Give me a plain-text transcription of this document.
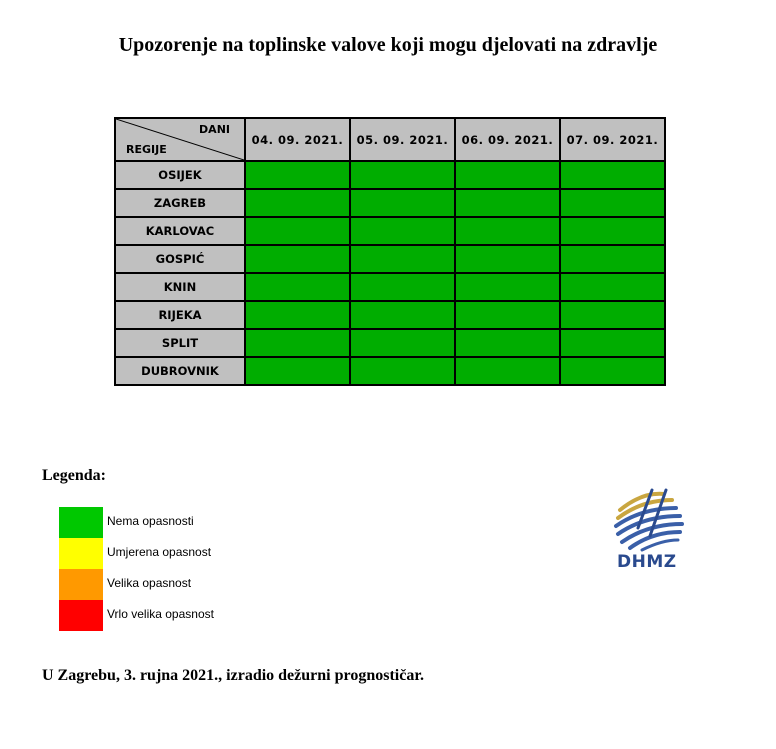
Upozorenje na toplinske valove koji mogu djelovati na zdravlje
DANI
REGIJE	04. 09. 2021.	05. 09. 2021.	06. 09. 2021.	07. 09. 2021.
OSIJEK				
ZAGREB				
KARLOVAC				
GOSPIĆ				
KNIN				
RIJEKA				
SPLIT				
DUBROVNIK				
Legenda:
Nema opasnosti
Umjerena opasnost
Velika opasnost
Vrlo velika opasnost
DHMZ
U Zagrebu, 3. rujna 2021., izradio dežurni prognostičar.
